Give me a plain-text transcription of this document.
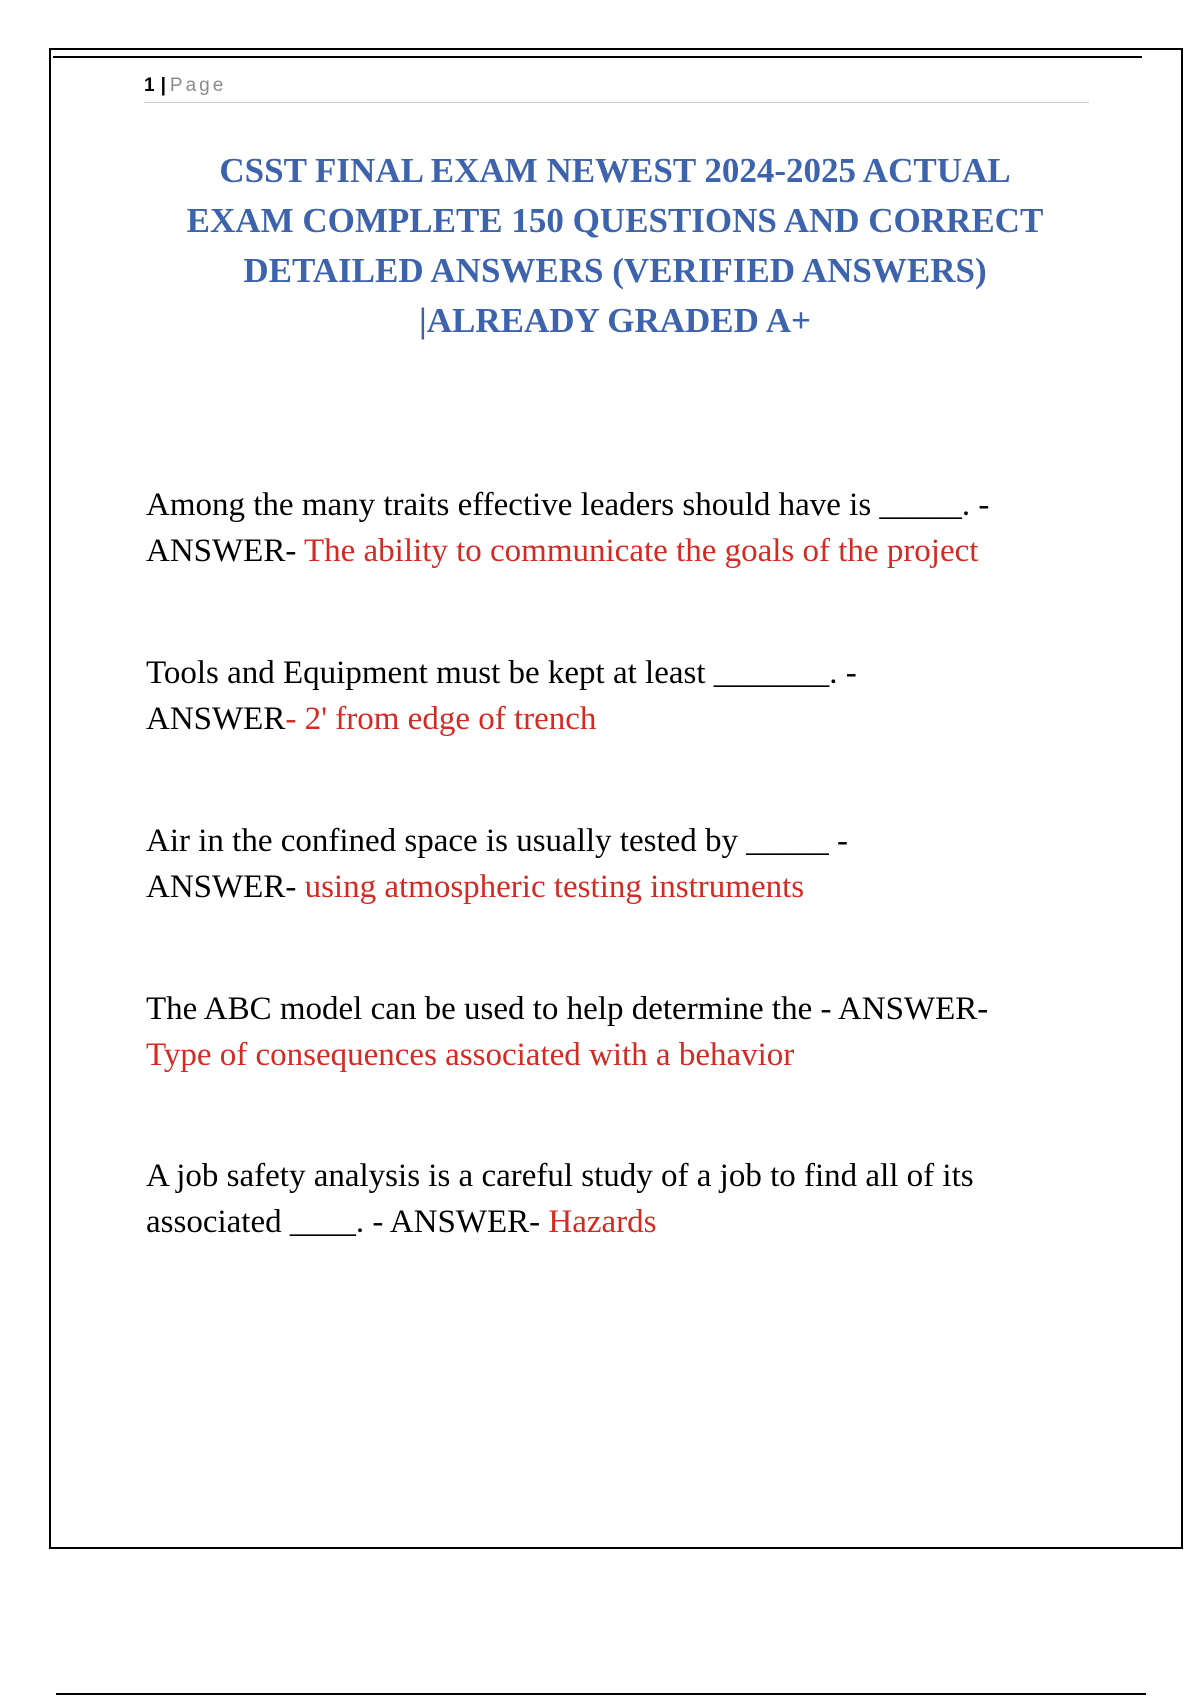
1 | Page
CSST FINAL EXAM NEWEST 2024-2025 ACTUAL
EXAM COMPLETE 150 QUESTIONS AND CORRECT
DETAILED ANSWERS (VERIFIED ANSWERS)
|ALREADY GRADED A+
Among the many traits effective leaders should have is _____. -
ANSWER- The ability to communicate the goals of the project
Tools and Equipment must be kept at least _______. -
ANSWER- 2' from edge of trench
Air in the confined space is usually tested by _____ -
ANSWER- using atmospheric testing instruments
The ABC model can be used to help determine the - ANSWER-
Type of consequences associated with a behavior
A job safety analysis is a careful study of a job to find all of its
associated ____. - ANSWER- Hazards
